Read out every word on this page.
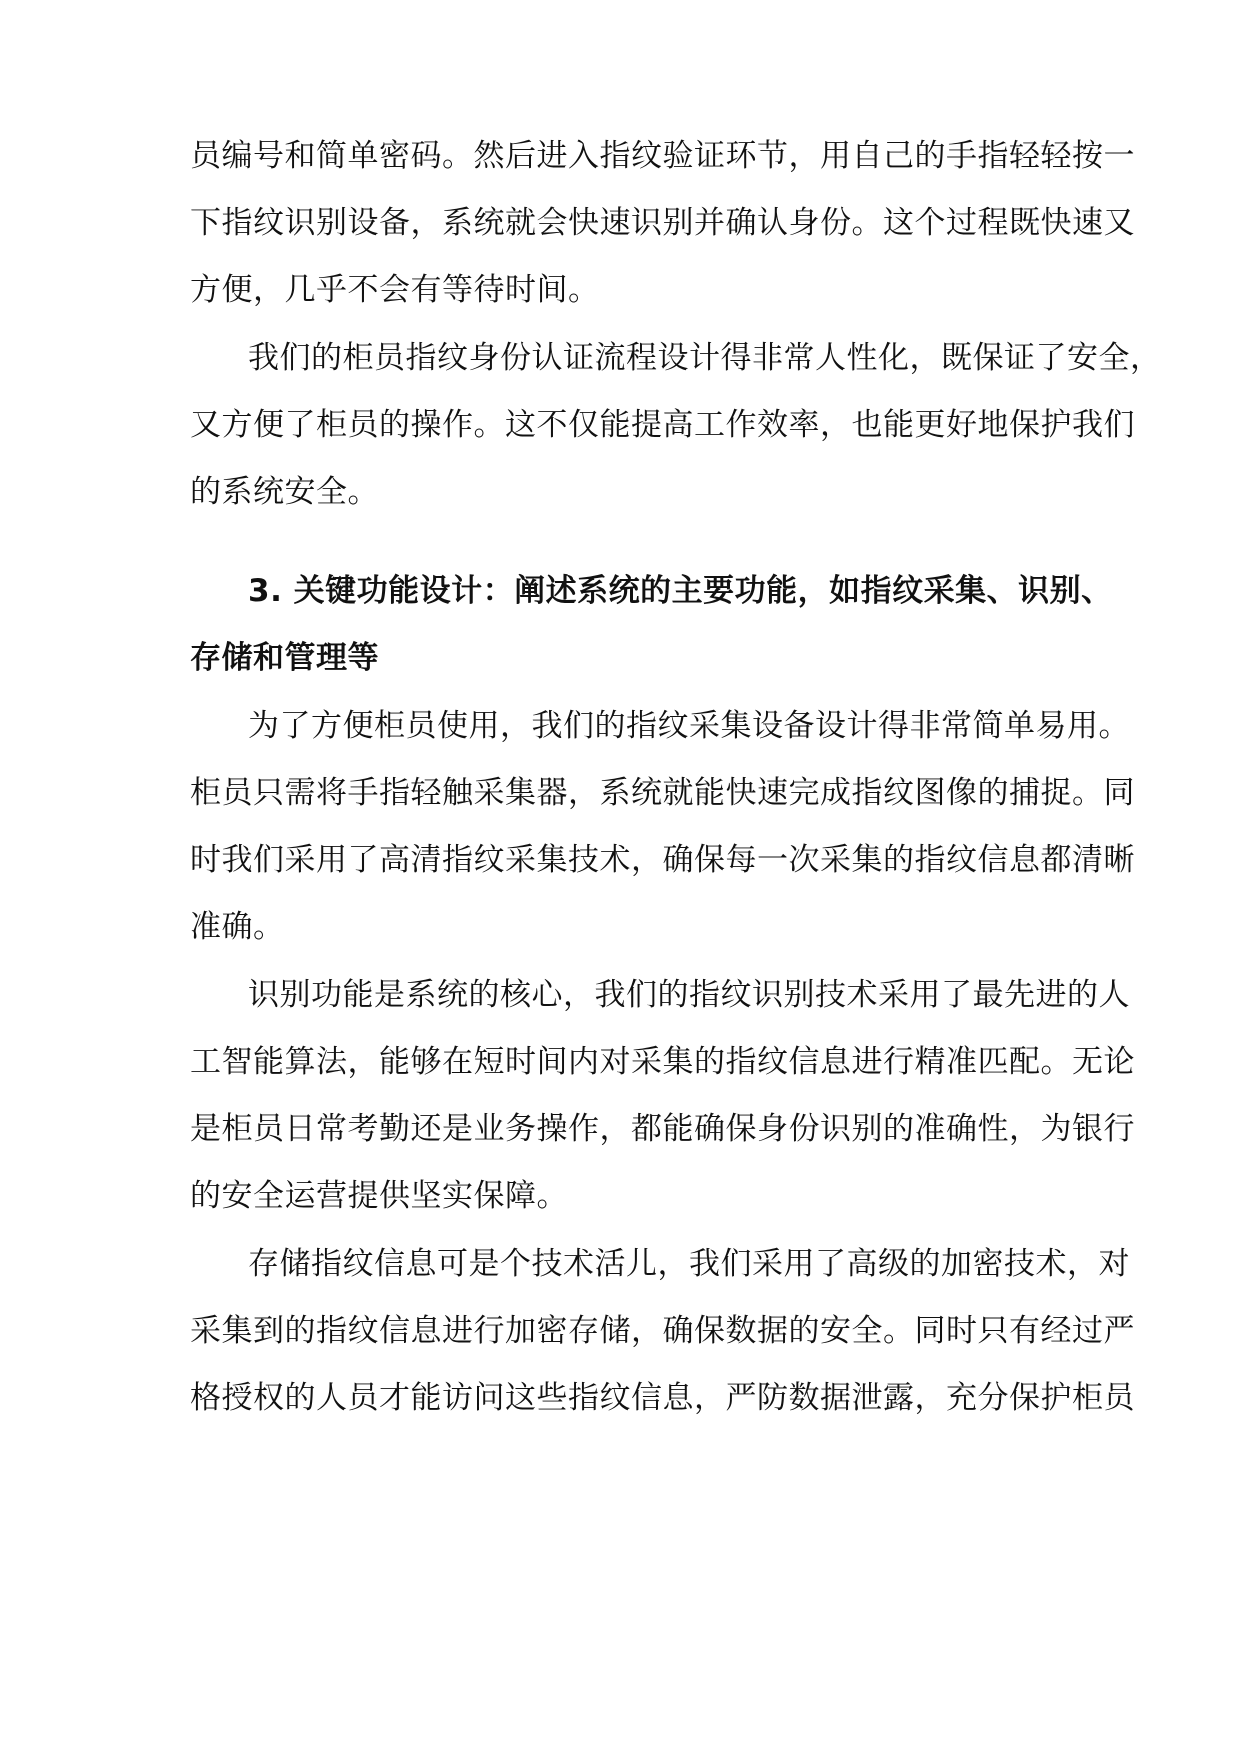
员编号和简单密码。然后进入指纹验证环节，用自己的手指轻轻按一
下指纹识别设备，系统就会快速识别并确认身份。这个过程既快速又
方便，几乎不会有等待时间。
我们的柜员指纹身份认证流程设计得非常人性化，既保证了安全，
又方便了柜员的操作。这不仅能提高工作效率，也能更好地保护我们
的系统安全。
3. 关键功能设计：阐述系统的主要功能，如指纹采集、识别、
存储和管理等
为了方便柜员使用，我们的指纹采集设备设计得非常简单易用。
柜员只需将手指轻触采集器，系统就能快速完成指纹图像的捕捉。同
时我们采用了高清指纹采集技术，确保每一次采集的指纹信息都清晰
准确。
识别功能是系统的核心，我们的指纹识别技术采用了最先进的人
工智能算法，能够在短时间内对采集的指纹信息进行精准匹配。无论
是柜员日常考勤还是业务操作，都能确保身份识别的准确性，为银行
的安全运营提供坚实保障。
存储指纹信息可是个技术活儿，我们采用了高级的加密技术，对
采集到的指纹信息进行加密存储，确保数据的安全。同时只有经过严
格授权的人员才能访问这些指纹信息，严防数据泄露，充分保护柜员
